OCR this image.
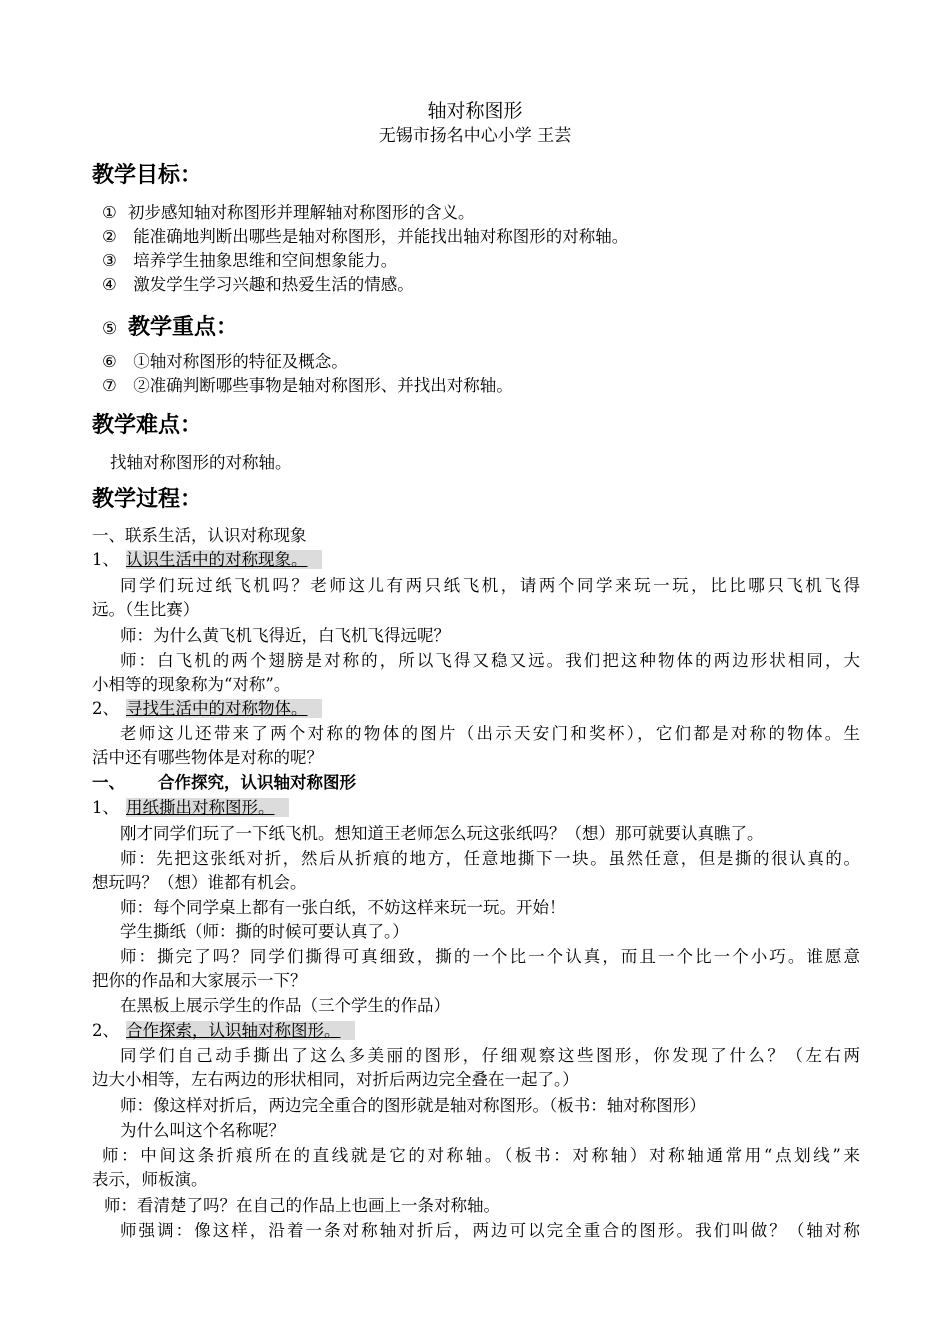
轴对称图形
无锡市扬名中心小学 王芸
教学目标：
① 初步感知轴对称图形并理解轴对称图形的含义。
② 能准确地判断出哪些是轴对称图形，并能找出轴对称图形的对称轴。
③ 培养学生抽象思维和空间想象能力。
④ 激发学生学习兴趣和热爱生活的情感。
⑤ 教学重点：
⑥ ①轴对称图形的特征及概念。
⑦ ②准确判断哪些事物是轴对称图形、并找出对称轴。
教学难点：
找轴对称图形的对称轴。
教学过程：
一、联系生活，认识对称现象
1、 认识生活中的对称现象。
同学们玩过纸飞机吗？老师这儿有两只纸飞机，请两个同学来玩一玩，比比哪只飞机飞得
远。（生比赛）
师：为什么黄飞机飞得近，白飞机飞得远呢？
师：白飞机的两个翅膀是对称的，所以飞得又稳又远。我们把这种物体的两边形状相同，大
小相等的现象称为“对称”。
2、 寻找生活中的对称物体。
老师这儿还带来了两个对称的物体的图片（出示天安门和奖杯），它们都是对称的物体。生
活中还有哪些物体是对称的呢？
一、 合作探究，认识轴对称图形
1、 用纸撕出对称图形。
刚才同学们玩了一下纸飞机。想知道王老师怎么玩这张纸吗？（想）那可就要认真瞧了。
师：先把这张纸对折，然后从折痕的地方，任意地撕下一块。虽然任意，但是撕的很认真的。
想玩吗？（想）谁都有机会。
师：每个同学桌上都有一张白纸，不妨这样来玩一玩。开始！
学生撕纸（师：撕的时候可要认真了。）
师：撕完了吗？同学们撕得可真细致，撕的一个比一个认真，而且一个比一个小巧。谁愿意
把你的作品和大家展示一下？
在黑板上展示学生的作品（三个学生的作品）
2、 合作探索，认识轴对称图形。
同学们自己动手撕出了这么多美丽的图形，仔细观察这些图形，你发现了什么？（左右两
边大小相等，左右两边的形状相同，对折后两边完全叠在一起了。）
师：像这样对折后，两边完全重合的图形就是轴对称图形。（板书：轴对称图形）
为什么叫这个名称呢？
师：中间这条折痕所在的直线就是它的对称轴。（板书：对称轴）对称轴通常用“点划线”来
表示，师板演。
师：看清楚了吗？在自己的作品上也画上一条对称轴。
师强调：像这样，沿着一条对称轴对折后，两边可以完全重合的图形。我们叫做？（轴对称
